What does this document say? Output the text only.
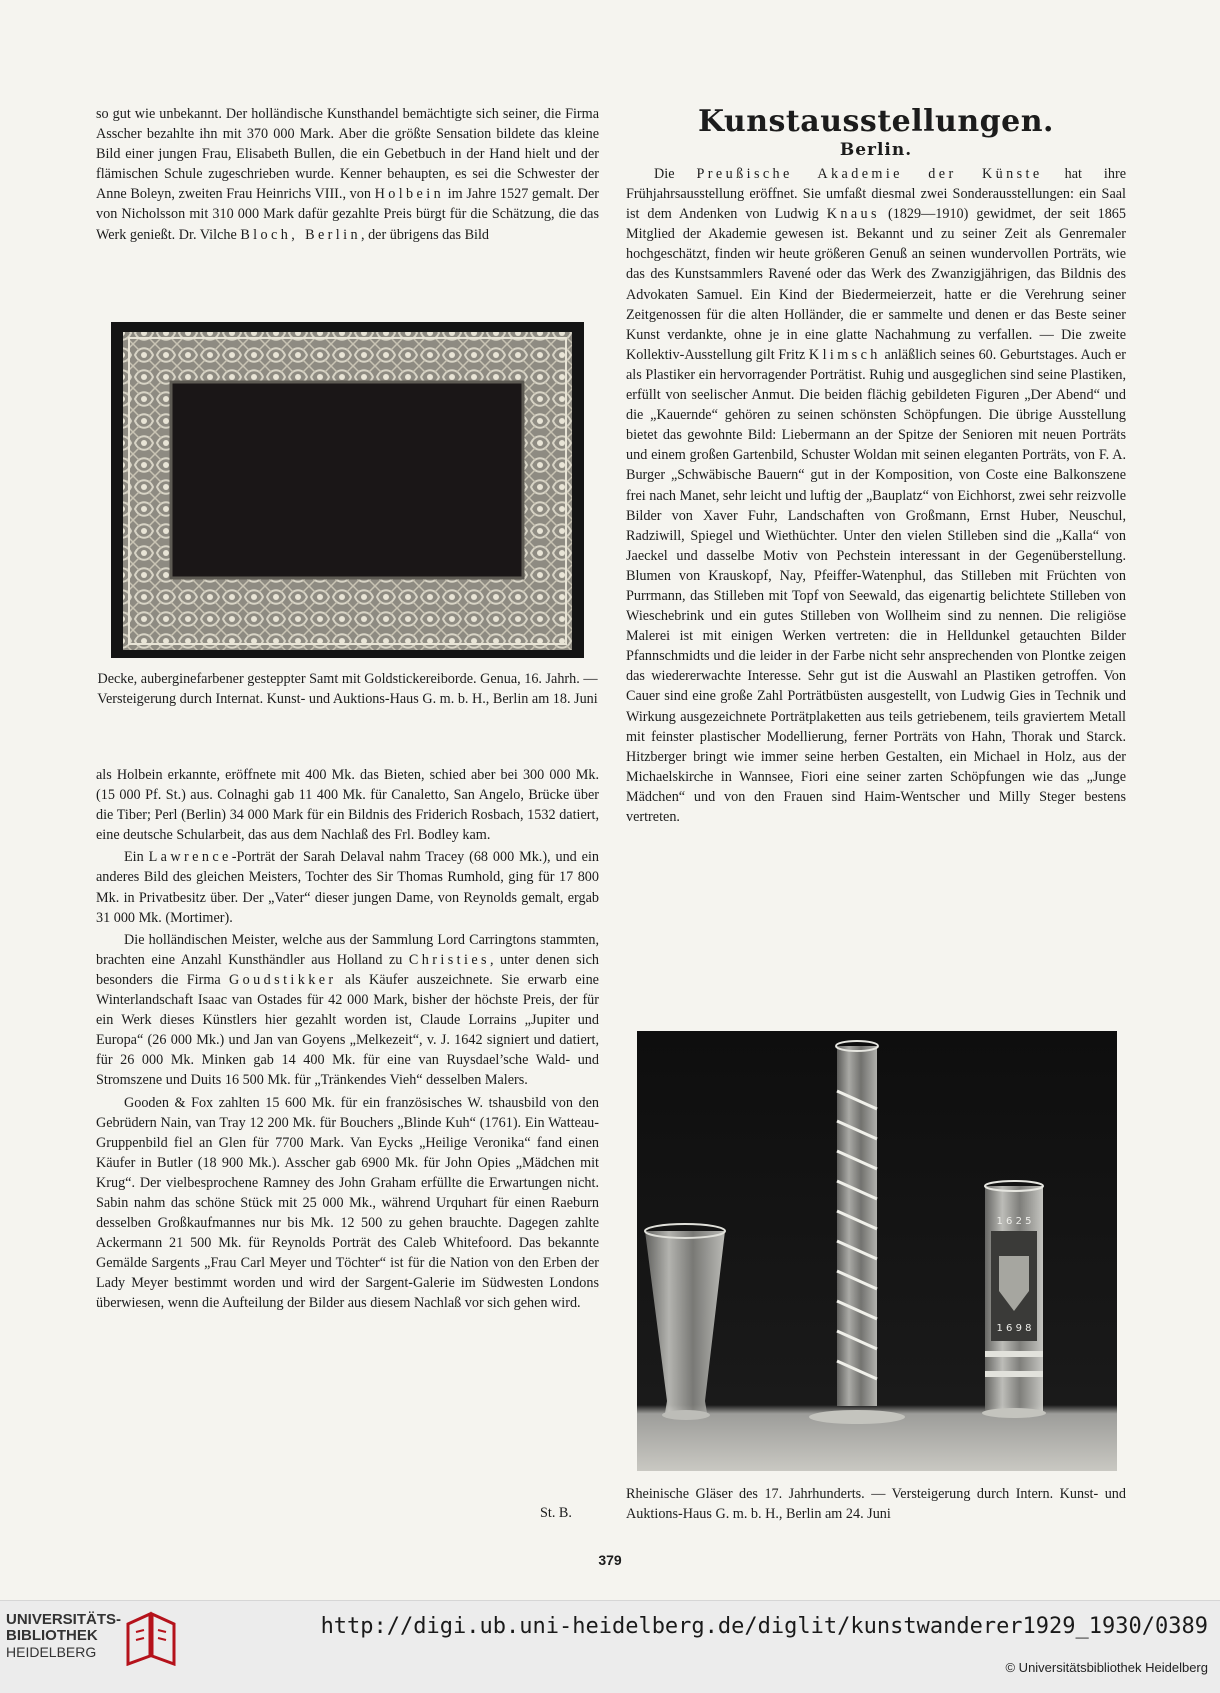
so gut wie unbekannt. Der holländische Kunsthandel bemächtigte sich seiner, die Firma Asscher bezahlte ihn mit 370 000 Mark. Aber die größte Sensation bildete das kleine Bild einer jungen Frau, Elisabeth Bullen, die ein Gebetbuch in der Hand hielt und der flämischen Schule zugeschrieben wurde. Kenner behaupten, es sei die Schwester der Anne Boleyn, zweiten Frau Heinrichs VIII., von Holbein im Jahre 1527 gemalt. Der von Nicholsson mit 310 000 Mark dafür gezahlte Preis bürgt für die Schätzung, die das Werk genießt. Dr. Vilche Bloch, Berlin, der übrigens das Bild

Decke, auberginefarbener gesteppter Samt mit Goldstickereiborde. Genua, 16. Jahrh. — Versteigerung durch Internat. Kunst- und Auktions-Haus G. m. b. H., Berlin am 18. Juni

als Holbein erkannte, eröffnete mit 400 Mk. das Bieten, schied aber bei 300 000 Mk. (15 000 Pf. St.) aus. Colnaghi gab 11 400 Mk. für Canaletto, San Angelo, Brücke über die Tiber; Perl (Berlin) 34 000 Mark für ein Bildnis des Friderich Rosbach, 1532 datiert, eine deutsche Schularbeit, das aus dem Nachlaß des Frl. Bodley kam.

Ein Lawrence-Porträt der Sarah Delaval nahm Tracey (68 000 Mk.), und ein anderes Bild des gleichen Meisters, Tochter des Sir Thomas Rumhold, ging für 17 800 Mk. in Privatbesitz über. Der „Vater“ dieser jungen Dame, von Reynolds gemalt, ergab 31 000 Mk. (Mortimer).

Die holländischen Meister, welche aus der Sammlung Lord Carringtons stammten, brachten eine Anzahl Kunsthändler aus Holland zu Christies, unter denen sich besonders die Firma Goudstikker als Käufer auszeichnete. Sie erwarb eine Winterlandschaft Isaac van Ostades für 42 000 Mark, bisher der höchste Preis, der für ein Werk dieses Künstlers hier gezahlt worden ist, Claude Lorrains „Jupiter und Europa“ (26 000 Mk.) und Jan van Goyens „Melkezeit“, v. J. 1642 signiert und datiert, für 26 000 Mk. Minken gab 14 400 Mk. für eine van Ruysdael’sche Wald- und Stromszene und Duits 16 500 Mk. für „Tränkendes Vieh“ desselben Malers.

Gooden & Fox zahlten 15 600 Mk. für ein französisches W. tshausbild von den Gebrüdern Nain, van Tray 12 200 Mk. für Bouchers „Blinde Kuh“ (1761). Ein Watteau-Gruppenbild fiel an Glen für 7700 Mark. Van Eycks „Heilige Veronika“ fand einen Käufer in Butler (18 900 Mk.). Asscher gab 6900 Mk. für John Opies „Mädchen mit Krug“. Der vielbesprochene Ramney des John Graham erfüllte die Erwartungen nicht. Sabin nahm das schöne Stück mit 25 000 Mk., während Urquhart für einen Raeburn desselben Großkaufmannes nur bis Mk. 12 500 zu gehen brauchte. Dagegen zahlte Ackermann 21 500 Mk. für Reynolds Porträt des Caleb Whitefoord. Das bekannte Gemälde Sargents „Frau Carl Meyer und Töchter“ ist für die Nation von den Erben der Lady Meyer bestimmt worden und wird der Sargent-Galerie im Südwesten Londons überwiesen, wenn die Aufteilung der Bilder aus diesem Nachlaß vor sich gehen wird.

St. B.
Kunstausstellungen.
Berlin.

Die Preußische Akademie der Künste hat ihre Frühjahrsausstellung eröffnet. Sie umfaßt diesmal zwei Sonderausstellungen: ein Saal ist dem Andenken von Ludwig Knaus (1829—1910) gewidmet, der seit 1865 Mitglied der Akademie gewesen ist. Bekannt und zu seiner Zeit als Genremaler hochgeschätzt, finden wir heute größeren Genuß an seinen wundervollen Porträts, wie das des Kunstsammlers Ravené oder das Werk des Zwanzigjährigen, das Bildnis des Advokaten Samuel. Ein Kind der Biedermeierzeit, hatte er die Verehrung seiner Zeitgenossen für die alten Holländer, die er sammelte und denen er das Beste seiner Kunst verdankte, ohne je in eine glatte Nachahmung zu verfallen. — Die zweite Kollektiv-Ausstellung gilt Fritz Klimsch anläßlich seines 60. Geburtstages. Auch er als Plastiker ein hervorragender Porträtist. Ruhig und ausgeglichen sind seine Plastiken, erfüllt von seelischer Anmut. Die beiden flächig gebildeten Figuren „Der Abend“ und die „Kauernde“ gehören zu seinen schönsten Schöpfungen. Die übrige Ausstellung bietet das gewohnte Bild: Liebermann an der Spitze der Senioren mit neuen Porträts und einem großen Gartenbild, Schuster Woldan mit seinen eleganten Porträts, von F. A. Burger „Schwäbische Bauern“ gut in der Komposition, von Coste eine Balkonszene frei nach Manet, sehr leicht und luftig der „Bauplatz“ von Eichhorst, zwei sehr reizvolle Bilder von Xaver Fuhr, Landschaften von Großmann, Ernst Huber, Neuschul, Radziwill, Spiegel und Wiethüchter. Unter den vielen Stilleben sind die „Kalla“ von Jaeckel und dasselbe Motiv von Pechstein interessant in der Gegenüberstellung. Blumen von Krauskopf, Nay, Pfeiffer-Watenphul, das Stilleben mit Früchten von Purrmann, das Stilleben mit Topf von Seewald, das eigenartig belichtete Stilleben von Wieschebrink und ein gutes Stilleben von Wollheim sind zu nennen. Die religiöse Malerei ist mit einigen Werken vertreten: die in Helldunkel getauchten Bilder Pfannschmidts und die leider in der Farbe nicht sehr ansprechenden von Plontke zeigen das wiedererwachte Interesse. Sehr gut ist die Auswahl an Plastiken getroffen. Von Cauer sind eine große Zahl Porträtbüsten ausgestellt, von Ludwig Gies in Technik und Wirkung ausgezeichnete Porträtplaketten aus teils getriebenem, teils graviertem Metall mit feinster plastischer Modellierung, ferner Porträts von Hahn, Thorak und Starck. Hitzberger bringt wie immer seine herben Gestalten, ein Michael in Holz, aus der Michaelskirche in Wannsee, Fiori eine seiner zarten Schöpfungen wie das „Junge Mädchen“ und von den Frauen sind Haim-Wentscher und Milly Steger bestens vertreten.

1 6 2 5
1 6 9 8
Rheinische Gläser des 17. Jahrhunderts. — Versteigerung durch Intern. Kunst- und Auktions-Haus G. m. b. H., Berlin am 24. Juni
379
UNIVERSITÄTS-
BIBLIOTHEK
HEIDELBERG
http://digi.ub.uni-heidelberg.de/diglit/kunstwanderer1929_1930/0389
© Universitätsbibliothek Heidelberg
